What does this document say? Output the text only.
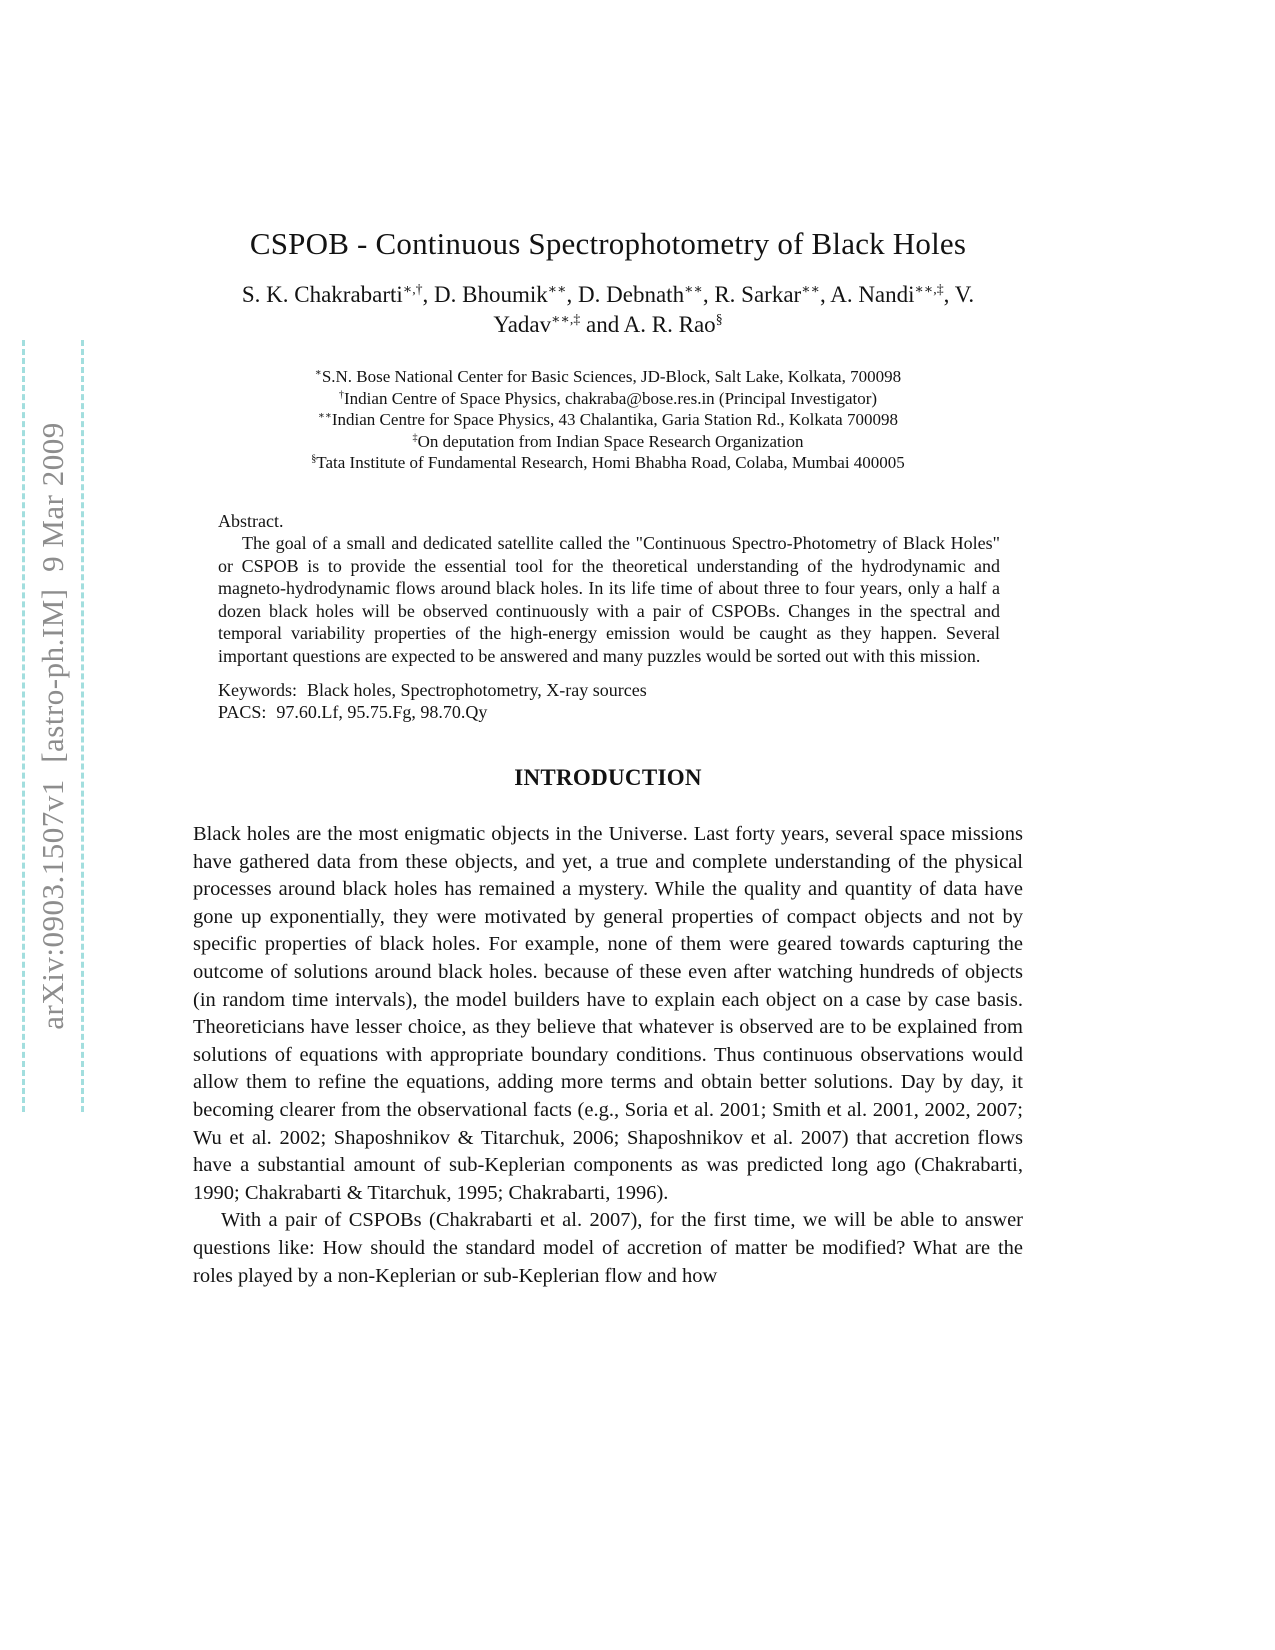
arXiv:0903.1507v1  [astro-ph.IM]  9 Mar 2009
CSPOB - Continuous Spectrophotometry of Black Holes
S. K. Chakrabarti∗,†, D. Bhoumik∗∗, D. Debnath∗∗, R. Sarkar∗∗, A. Nandi∗∗,‡, V. Yadav∗∗,‡ and A. R. Rao§
∗S.N. Bose National Center for Basic Sciences, JD-Block, Salt Lake, Kolkata, 700098
†Indian Centre of Space Physics, chakraba@bose.res.in (Principal Investigator)
∗∗Indian Centre for Space Physics, 43 Chalantika, Garia Station Rd., Kolkata 700098
‡On deputation from Indian Space Research Organization
§Tata Institute of Fundamental Research, Homi Bhabha Road, Colaba, Mumbai 400005
Abstract.

The goal of a small and dedicated satellite called the "Continuous Spectro-Photometry of Black Holes" or CSPOB is to provide the essential tool for the theoretical understanding of the hydrodynamic and magneto-hydrodynamic flows around black holes. In its life time of about three to four years, only a half a dozen black holes will be observed continuously with a pair of CSPOBs. Changes in the spectral and temporal variability properties of the high-energy emission would be caught as they happen. Several important questions are expected to be answered and many puzzles would be sorted out with this mission.

Keywords: Black holes, Spectrophotometry, X-ray sources
PACS: 97.60.Lf, 95.75.Fg, 98.70.Qy
INTRODUCTION

Black holes are the most enigmatic objects in the Universe. Last forty years, several space missions have gathered data from these objects, and yet, a true and complete understanding of the physical processes around black holes has remained a mystery. While the quality and quantity of data have gone up exponentially, they were motivated by general properties of compact objects and not by specific properties of black holes. For example, none of them were geared towards capturing the outcome of solutions around black holes. because of these even after watching hundreds of objects (in random time intervals), the model builders have to explain each object on a case by case basis. Theoreticians have lesser choice, as they believe that whatever is observed are to be explained from solutions of equations with appropriate boundary conditions. Thus continuous observations would allow them to refine the equations, adding more terms and obtain better solutions. Day by day, it becoming clearer from the observational facts (e.g., Soria et al. 2001; Smith et al. 2001, 2002, 2007; Wu et al. 2002; Shaposhnikov & Titarchuk, 2006; Shaposhnikov et al. 2007) that accretion flows have a substantial amount of sub-Keplerian components as was predicted long ago (Chakrabarti, 1990; Chakrabarti & Titarchuk, 1995; Chakrabarti, 1996).

With a pair of CSPOBs (Chakrabarti et al. 2007), for the first time, we will be able to answer questions like: How should the standard model of accretion of matter be modified? What are the roles played by a non-Keplerian or sub-Keplerian flow and how
